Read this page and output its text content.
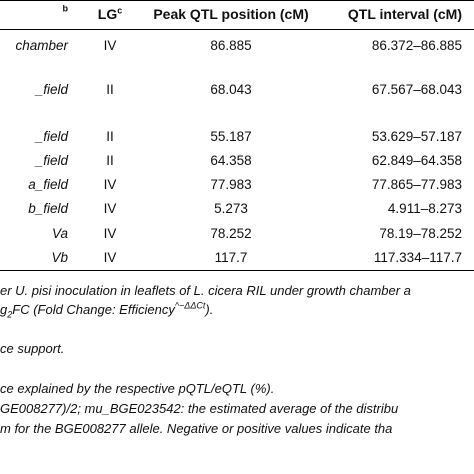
$^b$	$LG^c$	Peak QTL position (cM)	QTL interval (cM)
chamber	IV	86.885	86.372–86.885
_field	II	68.043	67.567–68.043
_field	II	55.187	53.629–57.187
_field	II	64.358	62.849–64.358
a_field	IV	77.983	77.865–77.983
b_field	IV	5.273	4.911–8.273
Va	IV	78.252	78.19–78.252
Vb	IV	117.7	117.334–117.7
er U. pisi inoculation in leaflets of L. cicera RIL under growth chamber a
$g_2FC$ (Fold Change: Efficiency$^{\^{}-\Delta\Delta Ct}$).
ce support.
ce explained by the respective pQTL/eQTL (%).
GE008277)/2; mu_BGE023542: the estimated average of the distribu
m for the BGE008277 allele. Negative or positive values indicate tha
